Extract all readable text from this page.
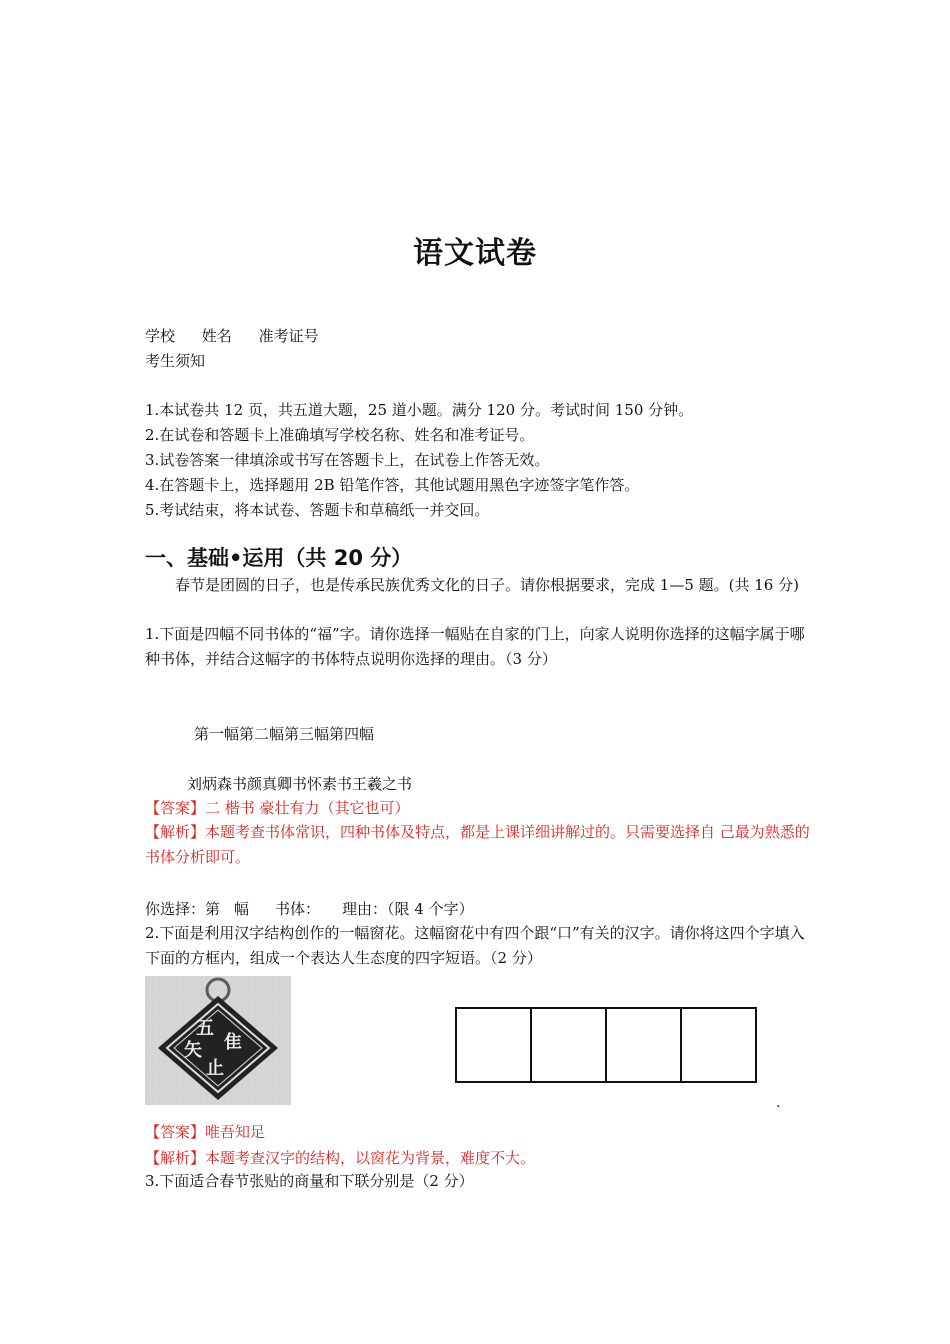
语文试卷
学校 姓名 准考证号
考生须知
1.本试卷共 12 页，共五道大题，25 道小题。满分 120 分。考试时间 150 分钟。
2.在试卷和答题卡上准确填写学校名称、姓名和准考证号。
3.试卷答案一律填涂或书写在答题卡上，在试卷上作答无效。
4.在答题卡上，选择题用 2B 铅笔作答，其他试题用黑色字迹签字笔作答。
5.考试结束，将本试卷、答题卡和草稿纸一并交回。
一、基础•运用（共 20 分）
春节是团圆的日子，也是传承民族优秀文化的日子。请你根据要求，完成 1—5 题。(共 16 分)
1.下面是四幅不同书体的“福”字。请你选择一幅贴在自家的门上，向家人说明你选择的这幅字属于哪种书体，并结合这幅字的书体特点说明你选择的理由。（3 分）
第一幅第二幅第三幅第四幅
刘炳森书颜真卿书怀素书王羲之书
【答案】二 楷书 豪壮有力（其它也可）
【解析】本题考查书体常识，四种书体及特点，都是上课详细讲解过的。只需要选择自 己最为熟悉的书体分析即可。
你选择：第 幅 书体： 理由：（限 4 个字）
2.下面是利用汉字结构创作的一幅窗花。这幅窗花中有四个跟“口”有关的汉字。请你将这四个字填入下面的方框内，组成一个表达人生态度的四字短语。（2 分）
五
隹
矢
止
.
【答案】唯吾知足
【解析】本题考查汉字的结构，以窗花为背景，难度不大。
3.下面适合春节张贴的商量和下联分别是（2 分）
